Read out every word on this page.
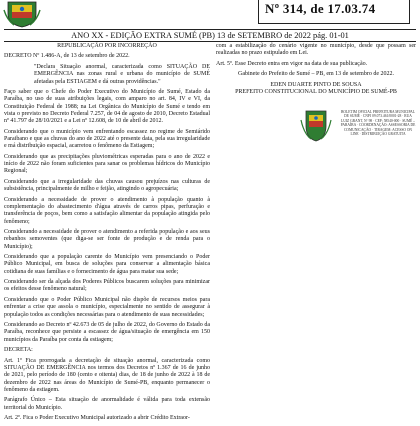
Nº 314, de 17.03.74
ANO XX - EDIÇÃO EXTRA SUMÉ (PB) 13 de SETEMBRO de 2022 pág. 01-01

REPUBLICAÇÃO POR INCORREÇÃO

DECRETO Nº 1.486-A, de 13 de setembro de 2022.

"Declara Situação anormal, caracterizada como SITUAÇÃO DE EMERGÊNCIA nas zonas rural e urbana do município de SUMÉ afetadas pela ESTIAGEM e dá outras providências."

Faço saber que o Chefe do Poder Executivo do Município de Sumé, Estado da Paraíba, no uso de suas atribuições legais, com amparo no art. 84, IV e VI, da Constituição Federal de 1988; na Lei Orgânica do Município de Sumé e tendo em vista o previsto no Decreto Federal 7.257, de 04 de agosto de 2010, Decreto Estadual nº 41.797 de 28/10/2021 e a Lei nº 12.608, de 10 de abril de 2012.

Considerando que o município vem enfrentando escassez no regime de Semiárido Paraibano e que as chuvas do ano de 2022 até o presente data, pela sua irregularidade e má distribuição espacial, acarretou o fenômeno da Estiagem;

Considerando que as precipitações pluviométricas esperadas para o ano de 2022 e início de 2022 não foram suficientes para sanar os problemas hídricos do Município Regional;

Considerando que a irregularidade das chuvas causou prejuízos nas culturas de subsistência, principalmente de milho e feijão, atingindo o agropecuária;

Considerando a necessidade de prover o atendimento à população quanto à complementação do abastecimento d'água através de carros pipas, perfuração e transferência de poços, bem como a satisfação alimentar da população atingida pelo fenômeno;

Considerando a necessidade de prover o atendimento a referida população e aos seus rebanhos semoventes (que diga-se ser fonte de produção e de renda para o Município);

Considerando que a população carente do Município vem presenciando o Poder Público Municipal, em busca de soluções para conservar a alimentação básica cotidiana de suas famílias e o fornecimento de água para matar sua sede;

Considerando ser da alçada dos Poderes Públicos buscarem soluções para minimizar os efeitos desse fenômeno natural;

Considerando que o Poder Público Municipal não dispõe de recursos meios para enfrentar a crise que assola o município, especialmente no sentido de assegurar à população todos as condições necessárias para o atendimento de suas necessidades;

Considerando ao Decreto nº 42.673 de 05 de julho de 2022, do Governo do Estado da Paraíba, reconhece que persiste a escassez de água/situação de emergência em 150 municípios da Paraíba por conta da estiagem;

DECRETA:

Art. 1º Fica prorrogada a decretação de situação anormal, caracterizada como SITUAÇÃO DE EMERGÊNCIA nos termos dos Decretos nº 1.367 de 16 de junho de 2021, pelo período de 180 (cento e oitenta) dias, de 18 de junho de 2022 à 18 de dezembro de 2022 nas áreas do Município de Sumé-PB, enquanto permanecer o fenômeno da estiagem.

Parágrafo Único – Esta situação de anormalidade é válida para toda extensão territorial do Município.

Art. 2º. Fica o Poder Executivo Municipal autorizado a abrir Crédito Extraor-

com a estabilização do cenário vigente no município, desde que possam ser realizadas no prazo estipulado em Lei.

Art. 5º. Esse Decreto entra em vigor na data de sua publicação.

Gabinete do Prefeito de Sumé – PB, em 13 de setembro de 2022.

EDEN DUARTE PINTO DE SOUSA

PREFEITO CONSTITUCIONAL DO MUNICÍPIO DE SUMÉ-PB

BOLETIM OFICIAL PREFEITURA MUNICIPAL DE SUMÉ · CNPJ 09.073.461/0001-28 · RUA LUIZ GRANT, Nº 98 · CEP: 58540-000 · SUMÉ – PARAÍBA · COORDENAÇÃO: ASSESSORIA DE COMUNICAÇÃO · TIRAGEM: ACESSO ON LINE · DISTRIBUIÇÃO GRATUITA
